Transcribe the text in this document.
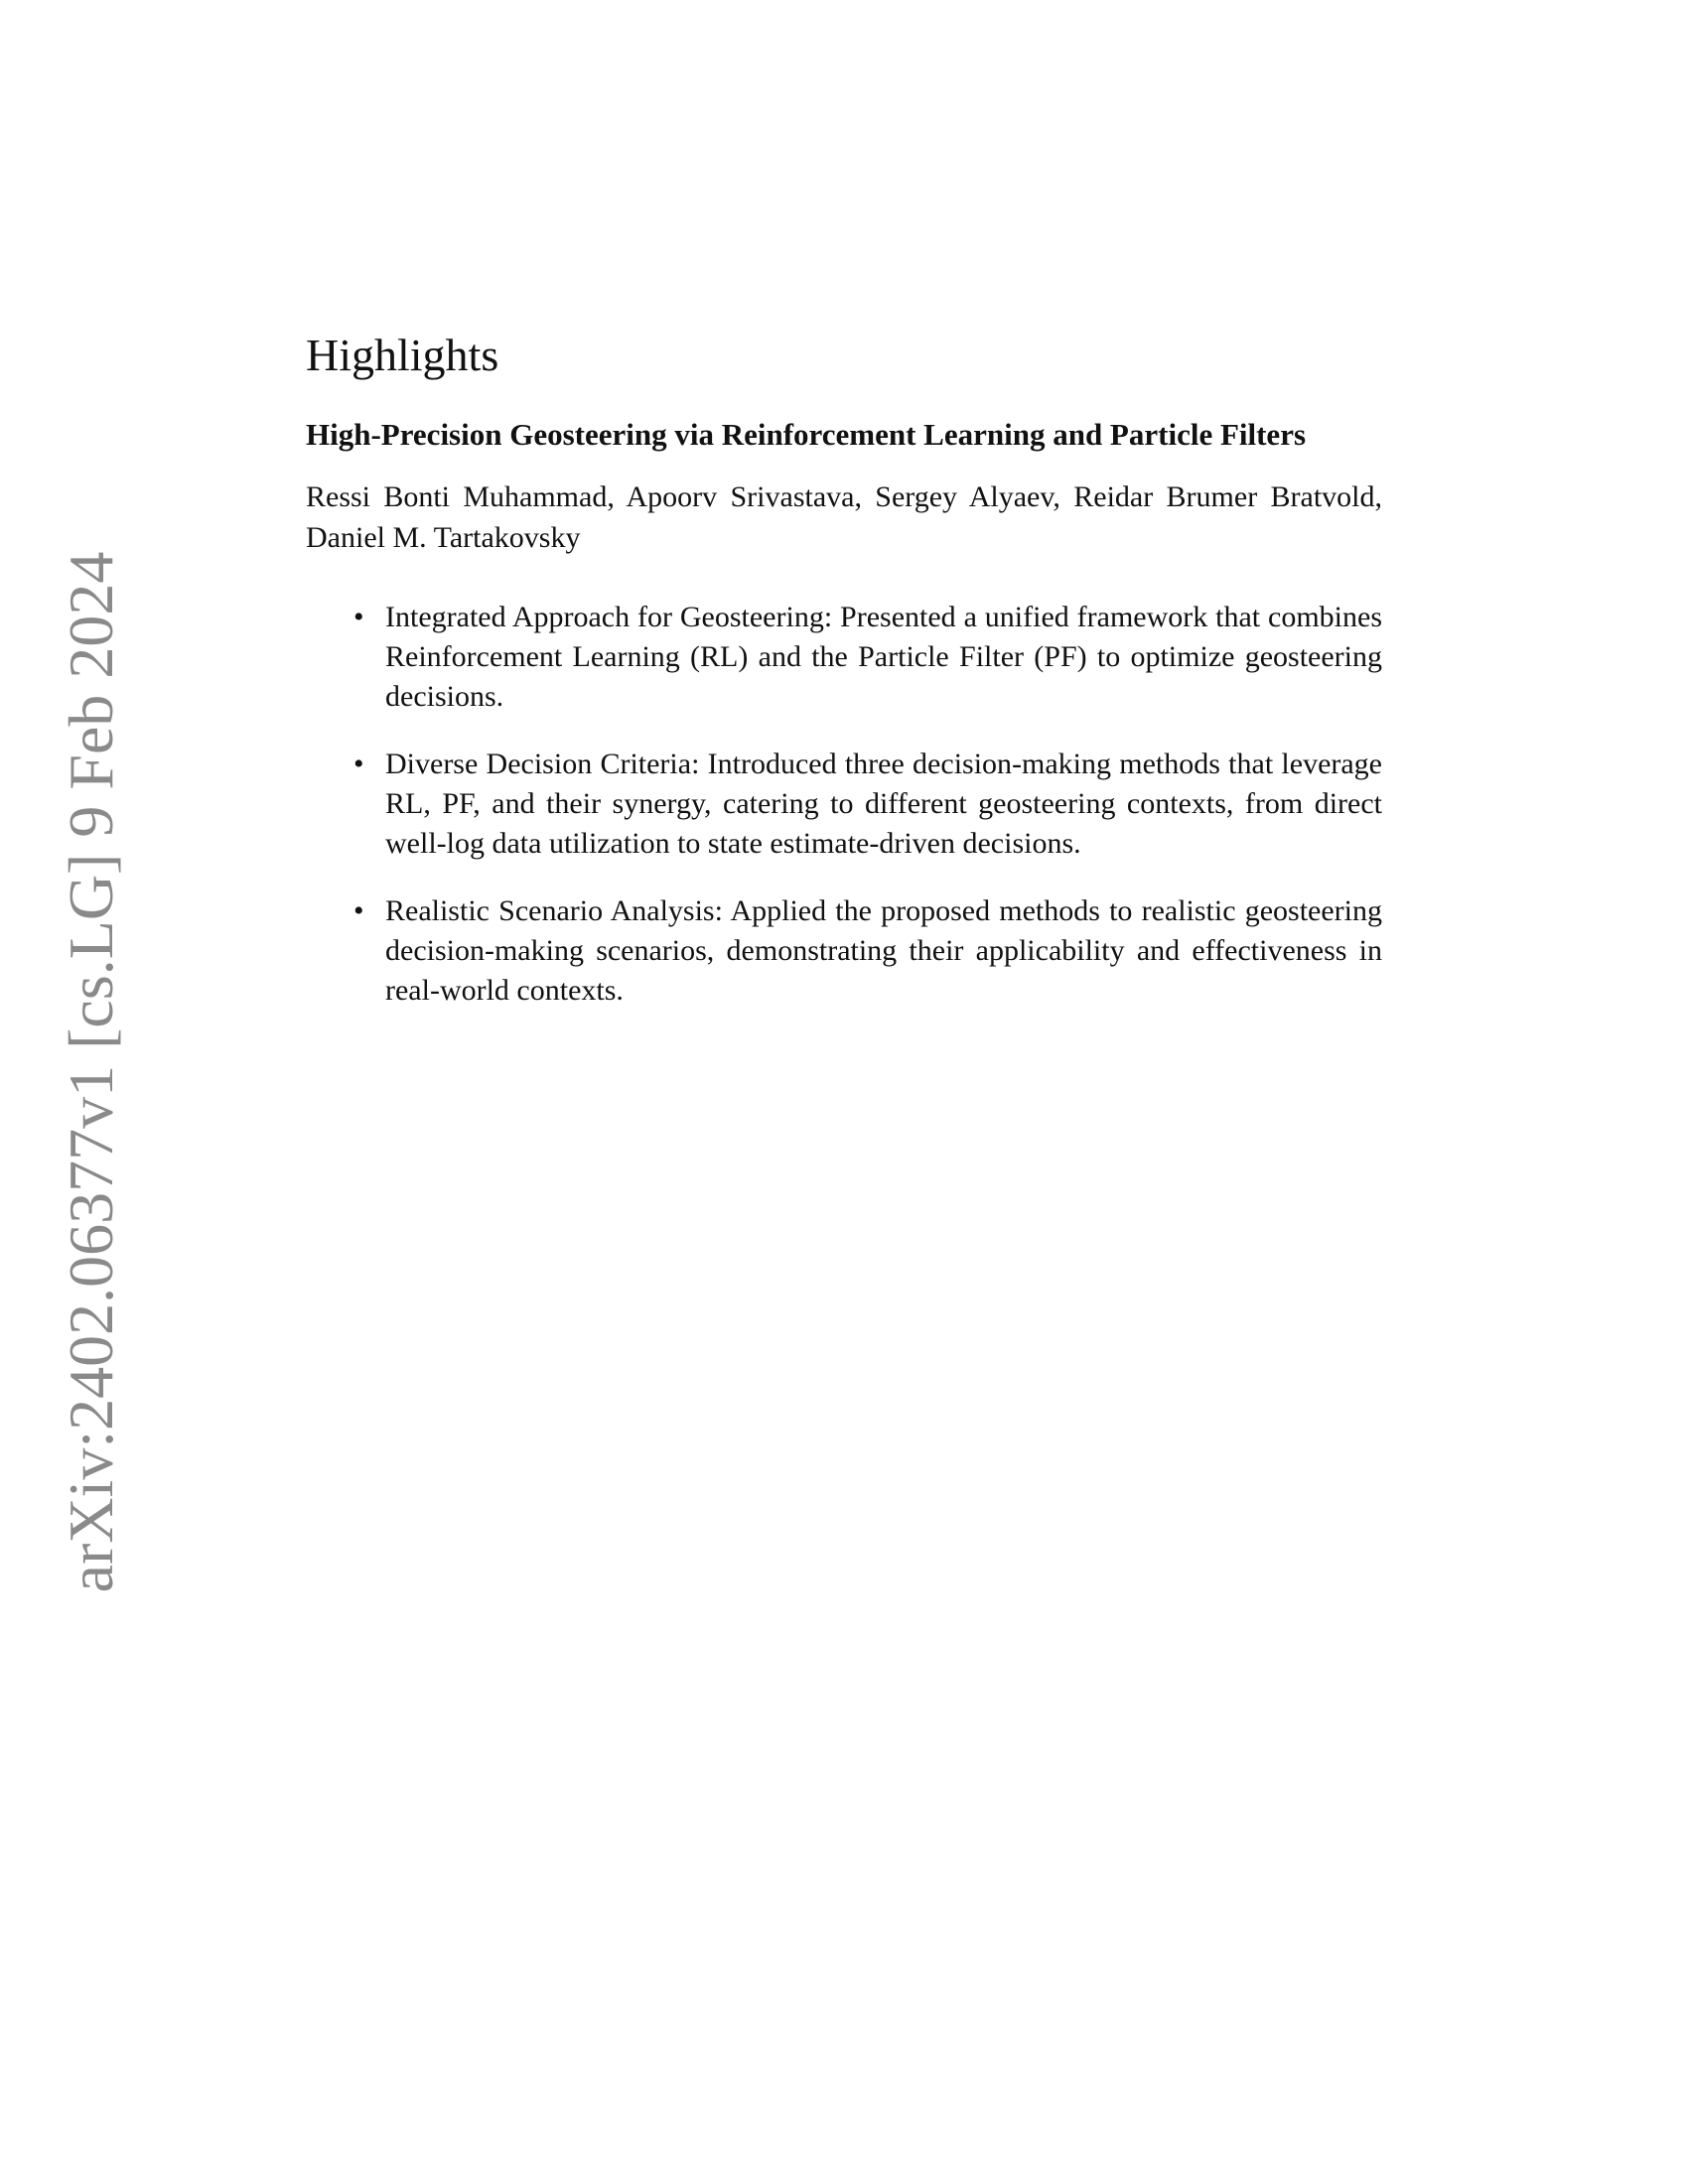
arXiv:2402.06377v1 [cs.LG] 9 Feb 2024
Highlights
High-Precision Geosteering via Reinforcement Learning and Particle Filters
Ressi Bonti Muhammad, Apoorv Srivastava, Sergey Alyaev, Reidar Brumer Bratvold, Daniel M. Tartakovsky
• Integrated Approach for Geosteering: Presented a unified framework that combines Reinforcement Learning (RL) and the Particle Filter (PF) to optimize geosteering decisions.
• Diverse Decision Criteria: Introduced three decision-making methods that leverage RL, PF, and their synergy, catering to different geosteering contexts, from direct well-log data utilization to state estimate-driven decisions.
• Realistic Scenario Analysis: Applied the proposed methods to realistic geosteering decision-making scenarios, demonstrating their applicability and effectiveness in real-world contexts.
